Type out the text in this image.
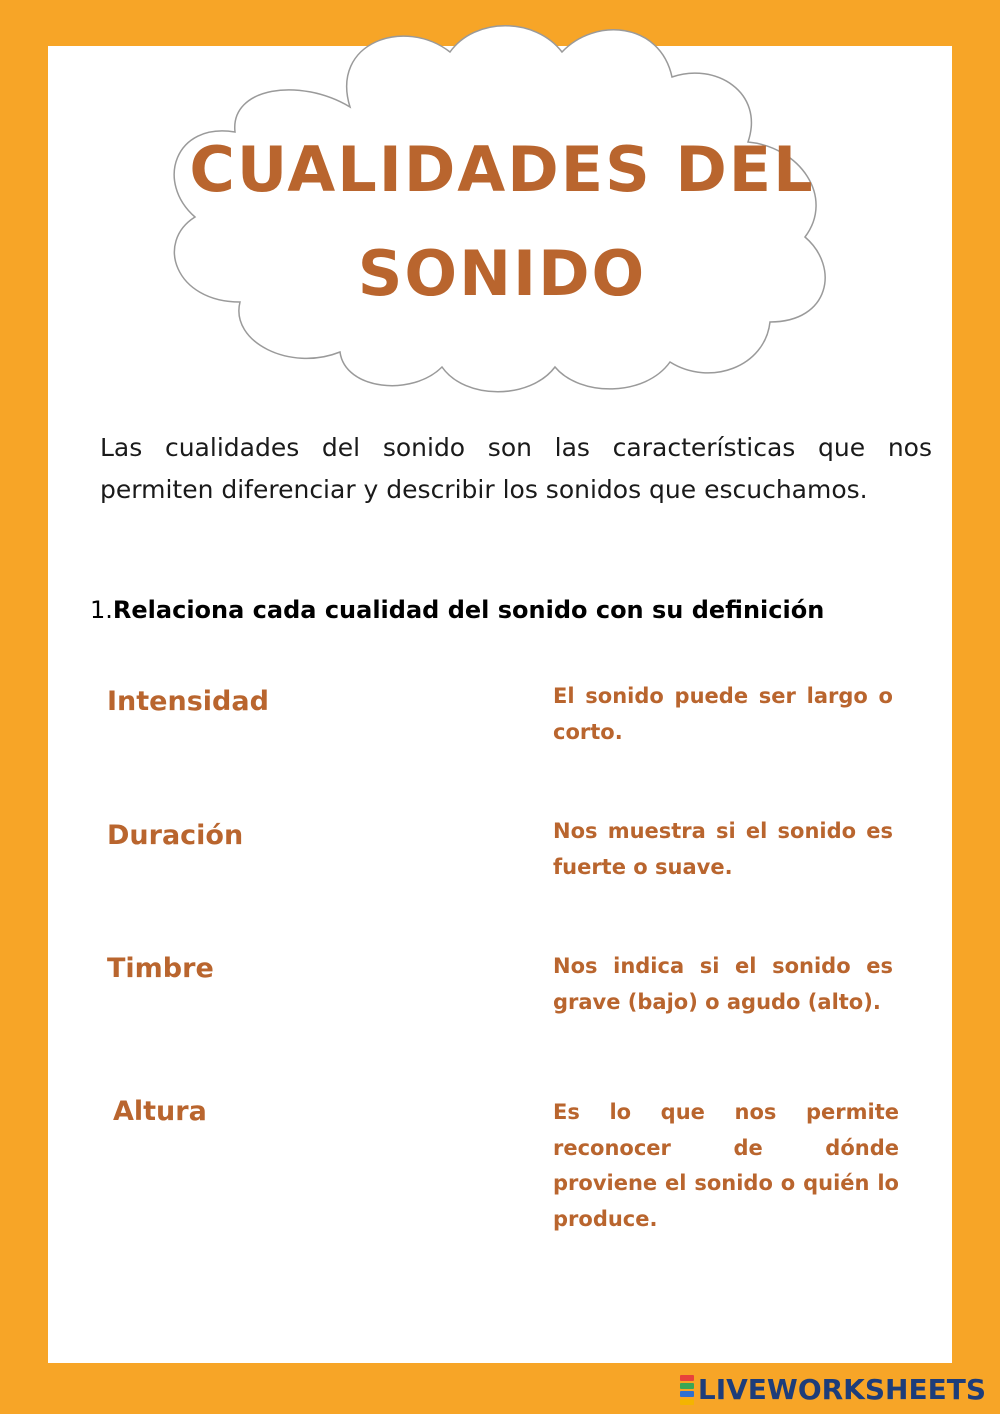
CUALIDADES DEL
SONIDO

Las cualidades del sonido son las características que nos permiten diferenciar y describir los sonidos que escuchamos.

1.Relaciona cada cualidad del sonido con su definición

Intensidad

Duración

Timbre

Altura

El sonido puede ser largo o corto.

Nos muestra si el sonido es fuerte o suave.

Nos indica si el sonido es grave (bajo) o agudo (alto).

Es lo que nos permite reconocer de dónde proviene el sonido o quién lo produce.

LIVEWORKSHEETS
